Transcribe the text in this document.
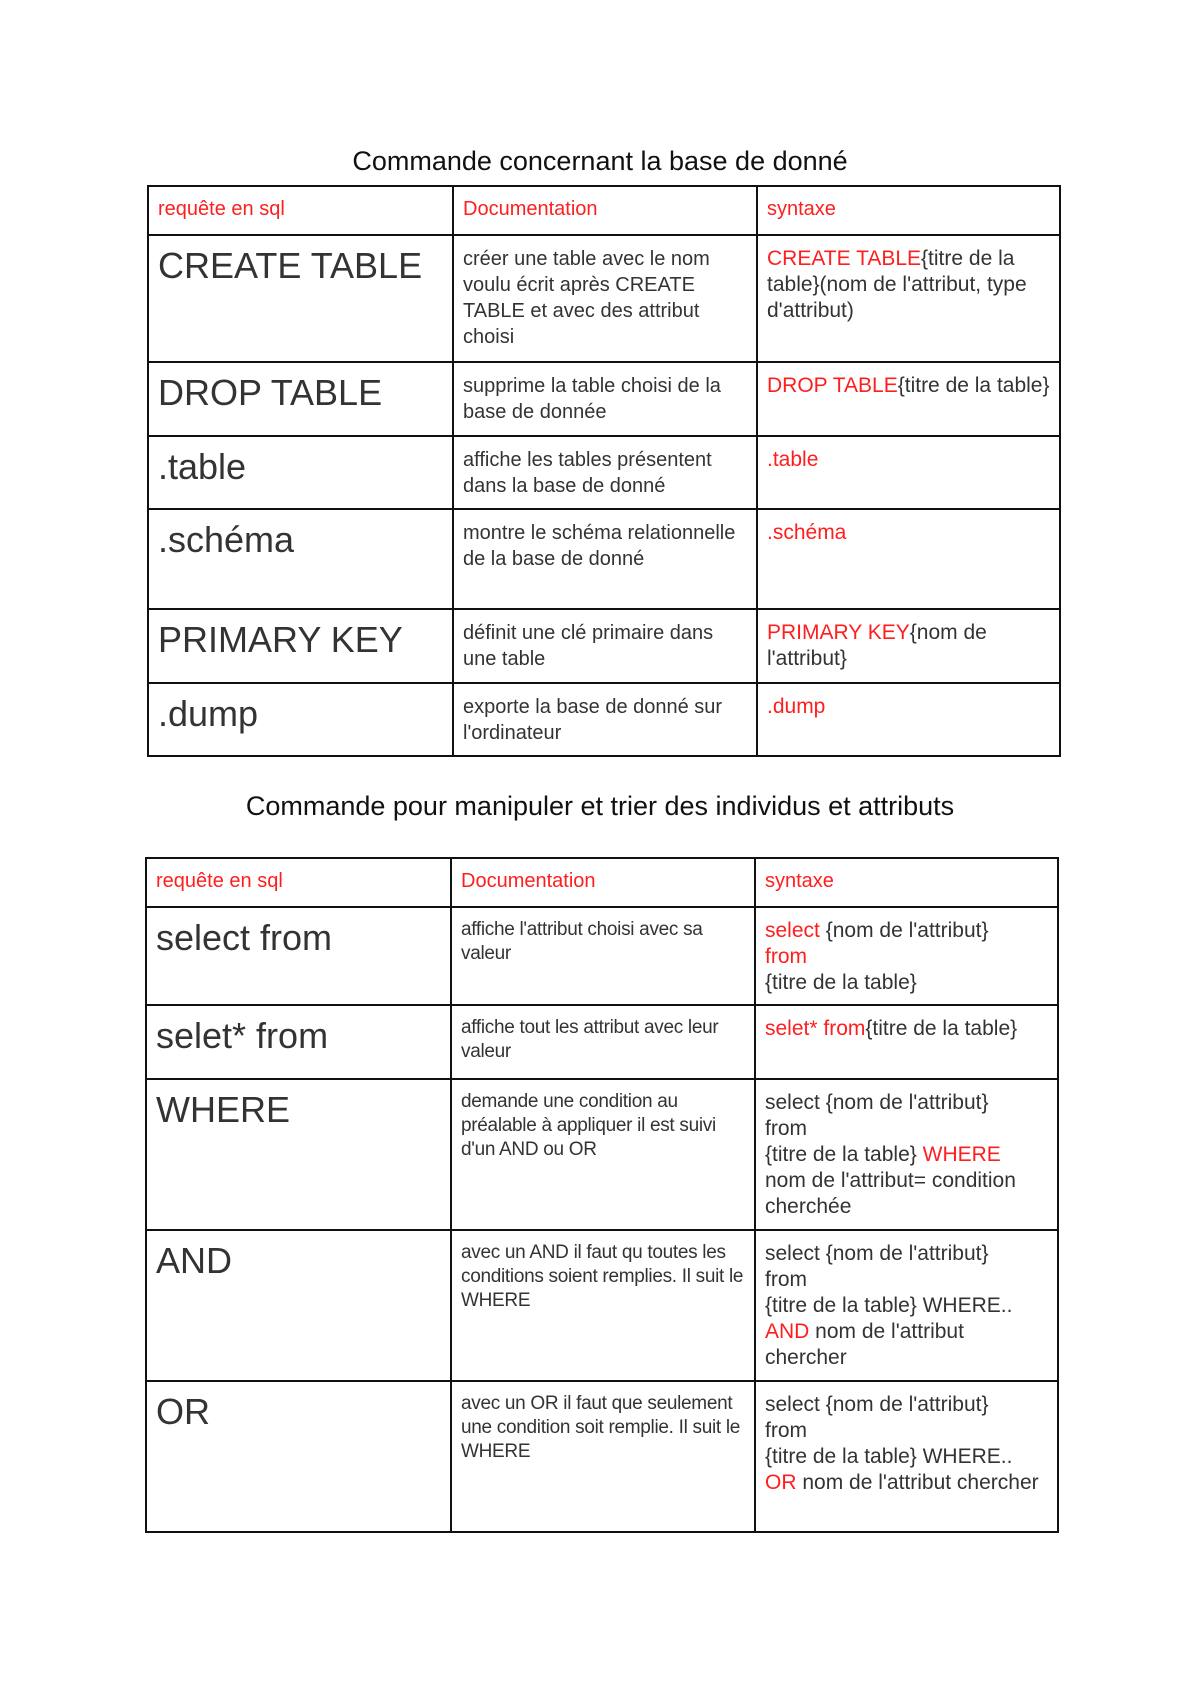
Commande concernant la base de donné
requête en sql	Documentation	syntaxe
CREATE TABLE	créer une table avec le nom voulu écrit après CREATE TABLE et avec des attribut choisi	CREATE TABLE{titre de la table}(nom de l'attribut, type d'attribut)
DROP TABLE	supprime la table choisi de la base de donnée	DROP TABLE{titre de la table}
.table	affiche les tables présentent dans la base de donné	.table
.schéma	montre le schéma relationnelle de la base de donné	.schéma
PRIMARY KEY	définit une clé primaire dans une table	PRIMARY KEY{nom de l'attribut}
.dump	exporte la base de donné sur l'ordinateur	.dump
Commande pour manipuler et trier des individus et attributs
requête en sql	Documentation	syntaxe
select from	affiche l'attribut choisi avec sa valeur	select {nom de l'attribut}
from
{titre de la table}

selet* from	affiche tout les attribut avec leur valeur	selet* from{titre de la table}
WHERE	demande une condition au préalable à appliquer il est suivi d'un AND ou OR	select {nom de l'attribut}
from
{titre de la table} WHERE
nom de l'attribut= condition cherchée

AND	avec un AND il faut qu toutes les conditions soient remplies. Il suit le WHERE	select {nom de l'attribut}
from
{titre de la table} WHERE..
AND nom de l'attribut chercher

OR	avec un OR il faut que seulement une condition soit remplie. Il suit le WHERE	select {nom de l'attribut}
from
{titre de la table} WHERE..
OR nom de l'attribut chercher
